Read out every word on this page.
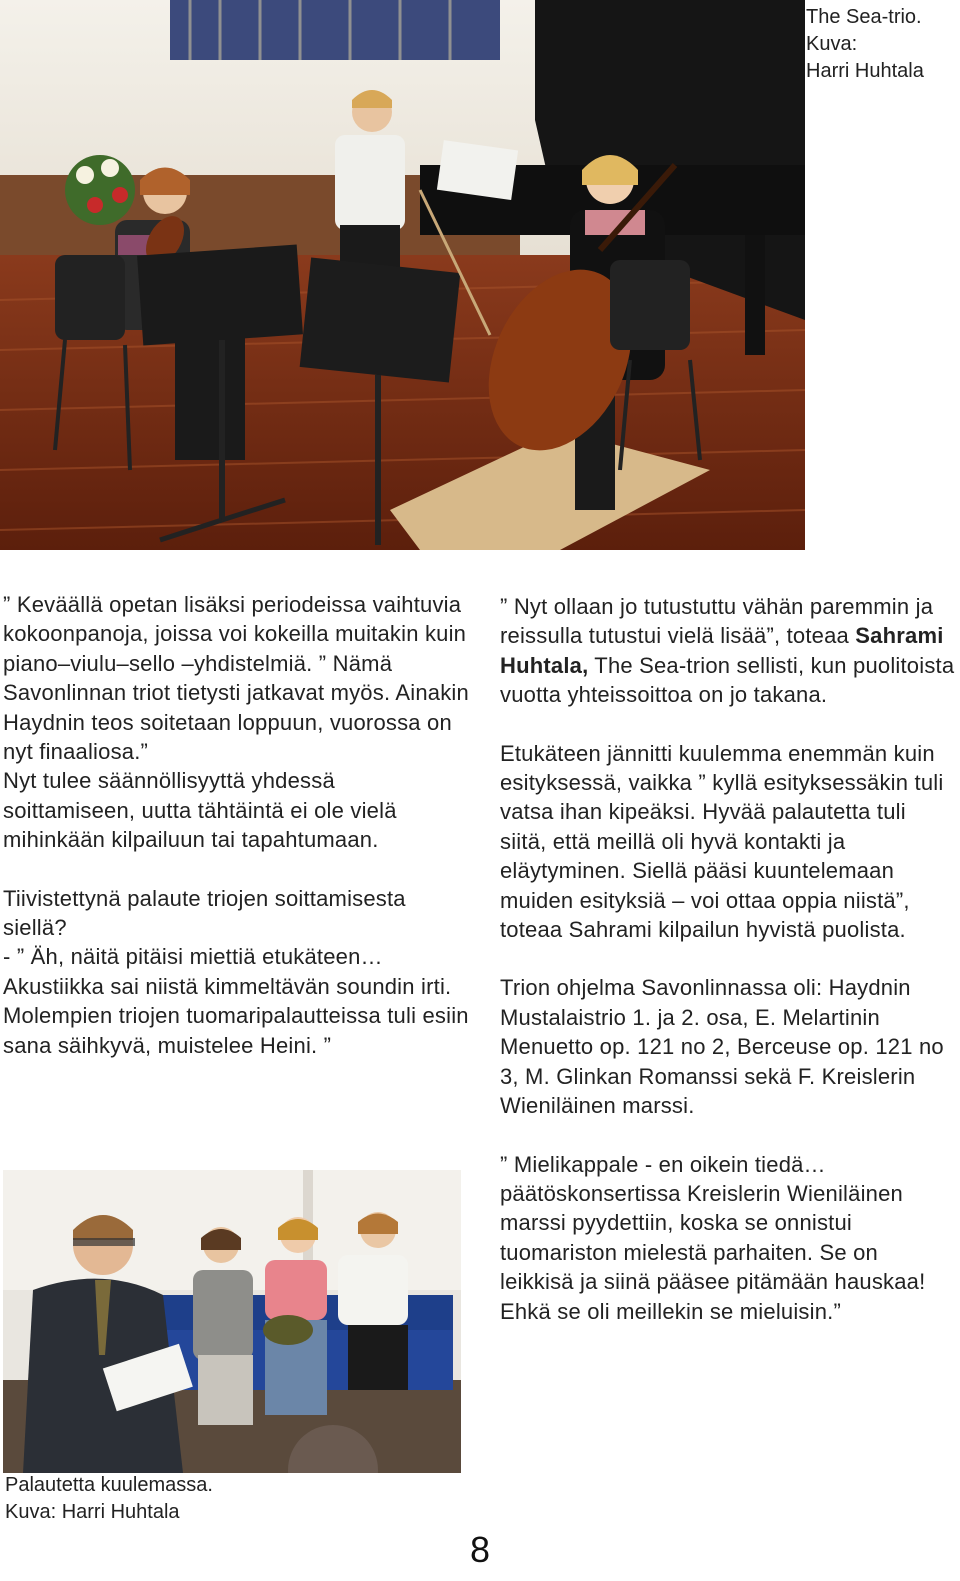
The Sea-trio.
Kuva:
Harri Huhtala

” Keväällä opetan lisäksi periodeissa vaihtuvia kokoonpanoja, joissa voi kokeilla muitakin kuin piano–viulu–sello –yhdistelmiä. ” Nämä Savonlinnan triot tietysti jatkavat myös. Ainakin Haydnin teos soitetaan loppuun, vuorossa on nyt finaaliosa.”

Nyt tulee säännöllisyyttä yhdessä soittamiseen, uutta tähtäintä ei ole vielä mihinkään kilpailuun tai tapahtumaan.

Tiivistettynä palaute triojen soittamisesta siellä?

- ” Äh, näitä pitäisi miettiä etukäteen… Akustiikka sai niistä kimmeltävän soundin irti. Molempien triojen tuomaripalautteissa tuli esiin sana säihkyvä, muistelee Heini. ”

Palautetta kuulemassa.
Kuva: Harri Huhtala

” Nyt ollaan jo tutustuttu vähän paremmin ja reissulla tutustui vielä lisää”, toteaa Sahrami Huhtala, The Sea-trion sellisti, kun puolitoista vuotta yhteissoittoa on jo takana.

Etukäteen jännitti kuulemma enemmän kuin esityksessä, vaikka ” kyllä esityksessäkin tuli vatsa ihan kipeäksi. Hyvää palautetta tuli siitä, että meillä oli hyvä kontakti ja eläytyminen. Siellä pääsi kuuntelemaan muiden esityksiä – voi ottaa oppia niistä”, toteaa Sahrami kilpailun hyvistä puolista.

Trion ohjelma Savonlinnassa oli: Haydnin Mustalaistrio 1. ja 2. osa, E. Melartinin Menuetto op. 121 no 2, Berceuse op. 121 no 3, M. Glinkan Romanssi sekä F. Kreislerin Wieniläinen marssi.

” Mielikappale - en oikein tiedä… päätöskonsertissa Kreislerin Wieniläinen marssi pyydettiin, koska se onnistui tuomariston mielestä parhaiten. Se on leikkisä ja siinä pääsee pitämään hauskaa! Ehkä se oli meillekin se mieluisin.”

8
